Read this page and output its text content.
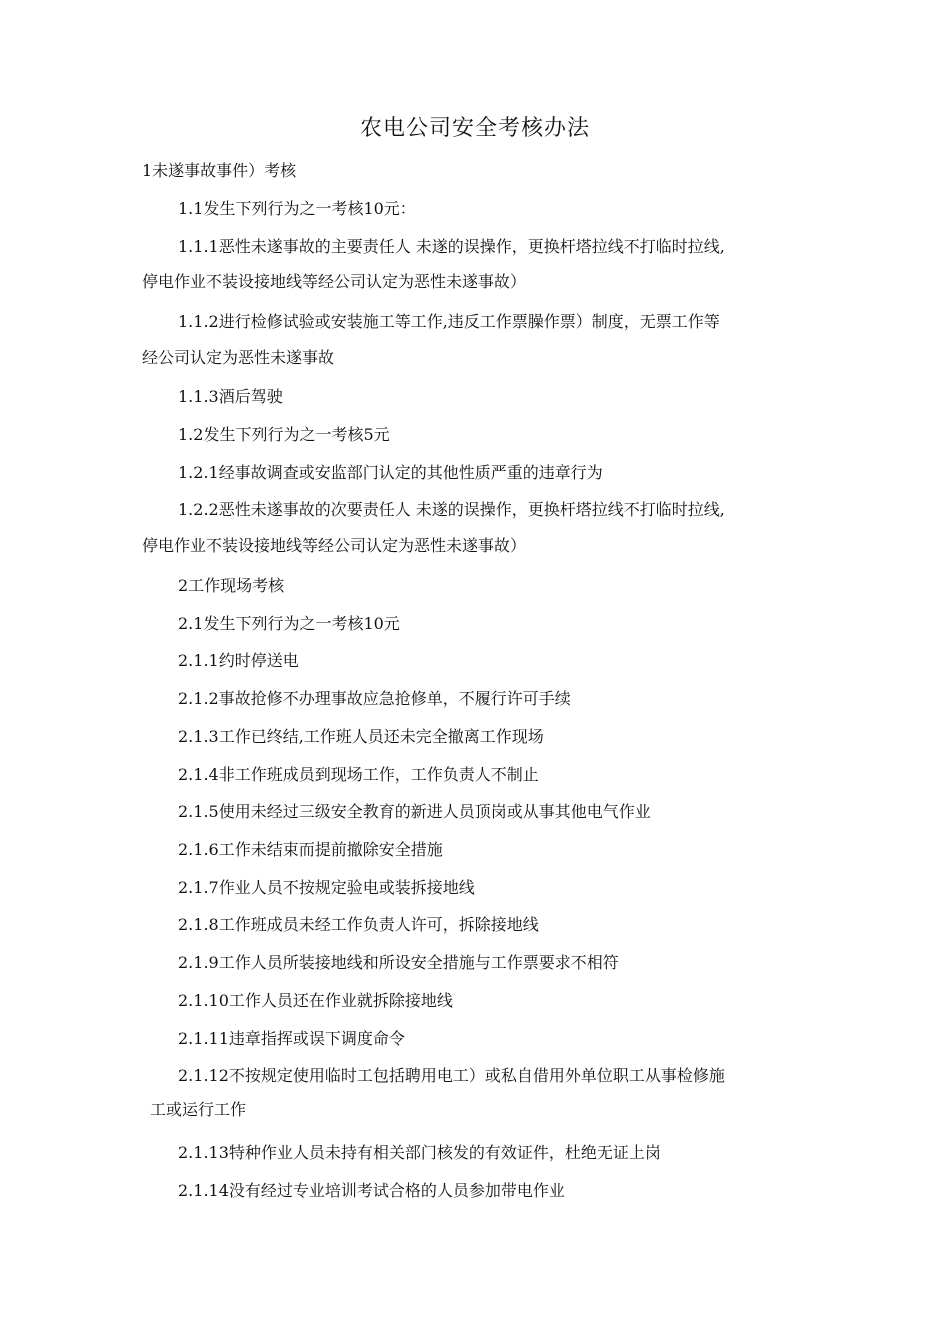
农电公司安全考核办法
1未遂事故事件）考核
1.1发生下列行为之一考核10元：
1.1.1恶性未遂事故的主要责任人 未遂的误操作，更换杆塔拉线不打临时拉线,
停电作业不装设接地线等经公司认定为恶性未遂事故）
1.1.2进行检修试验或安装施工等工作,违反工作票臊作票）制度，无票工作等
经公司认定为恶性未遂事故
1.1.3酒后驾驶
1.2发生下列行为之一考核5元
1.2.1经事故调查或安监部门认定的其他性质严重的违章行为
1.2.2恶性未遂事故的次要责任人 未遂的误操作，更换杆塔拉线不打临时拉线,
停电作业不装设接地线等经公司认定为恶性未遂事故）
2工作现场考核
2.1发生下列行为之一考核10元
2.1.1约时停送电
2.1.2事故抢修不办理事故应急抢修单，不履行许可手续
2.1.3工作已终结,工作班人员还未完全撤离工作现场
2.1.4非工作班成员到现场工作，工作负责人不制止
2.1.5使用未经过三级安全教育的新进人员顶岗或从事其他电气作业
2.1.6工作未结束而提前撤除安全措施
2.1.7作业人员不按规定验电或装拆接地线
2.1.8工作班成员未经工作负责人许可，拆除接地线
2.1.9工作人员所装接地线和所设安全措施与工作票要求不相符
2.1.10工作人员还在作业就拆除接地线
2.1.11违章指挥或误下调度命令
2.1.12不按规定使用临时工包括聘用电工）或私自借用外单位职工从事检修施
工或运行工作
2.1.13特种作业人员未持有相关部门核发的有效证件，杜绝无证上岗
2.1.14没有经过专业培训考试合格的人员参加带电作业
